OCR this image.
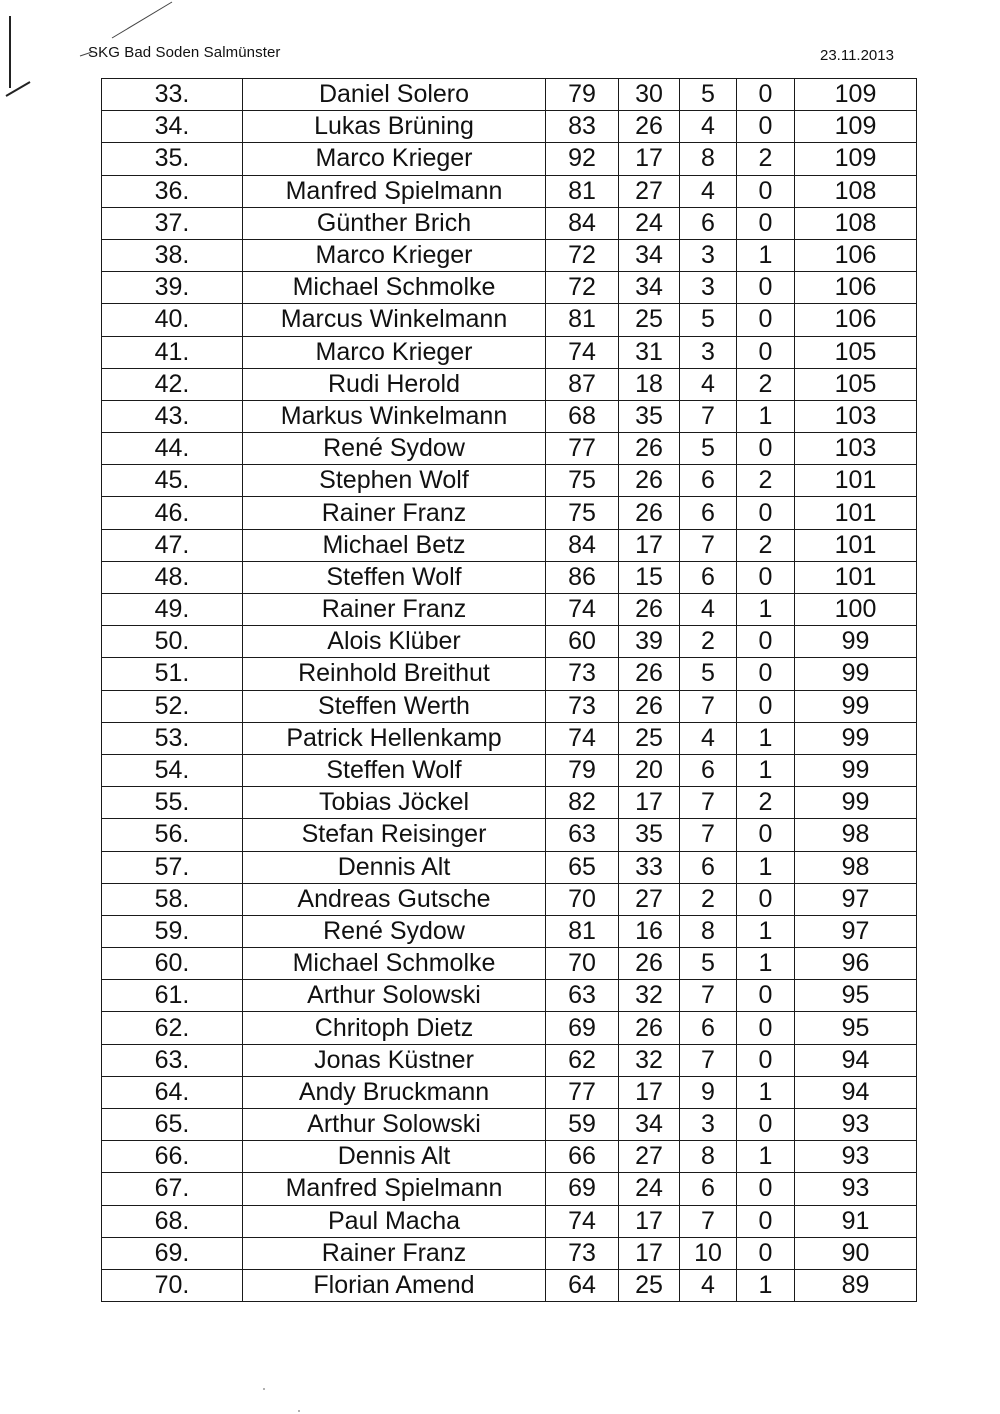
SKG Bad Soden Salmünster	23.11.2013
33.	Daniel Solero	79	30	5	0	109
34.	Lukas Brüning	83	26	4	0	109
35.	Marco Krieger	92	17	8	2	109
36.	Manfred Spielmann	81	27	4	0	108
37.	Günther Brich	84	24	6	0	108
38.	Marco Krieger	72	34	3	1	106
39.	Michael Schmolke	72	34	3	0	106
40.	Marcus Winkelmann	81	25	5	0	106
41.	Marco Krieger	74	31	3	0	105
42.	Rudi Herold	87	18	4	2	105
43.	Markus Winkelmann	68	35	7	1	103
44.	René Sydow	77	26	5	0	103
45.	Stephen Wolf	75	26	6	2	101
46.	Rainer Franz	75	26	6	0	101
47.	Michael Betz	84	17	7	2	101
48.	Steffen Wolf	86	15	6	0	101
49.	Rainer Franz	74	26	4	1	100
50.	Alois Klüber	60	39	2	0	99
51.	Reinhold Breithut	73	26	5	0	99
52.	Steffen Werth	73	26	7	0	99
53.	Patrick Hellenkamp	74	25	4	1	99
54.	Steffen Wolf	79	20	6	1	99
55.	Tobias Jöckel	82	17	7	2	99
56.	Stefan Reisinger	63	35	7	0	98
57.	Dennis Alt	65	33	6	1	98
58.	Andreas Gutsche	70	27	2	0	97
59.	René Sydow	81	16	8	1	97
60.	Michael Schmolke	70	26	5	1	96
61.	Arthur Solowski	63	32	7	0	95
62.	Chritoph Dietz	69	26	6	0	95
63.	Jonas Küstner	62	32	7	0	94
64.	Andy Bruckmann	77	17	9	1	94
65.	Arthur Solowski	59	34	3	0	93
66.	Dennis Alt	66	27	8	1	93
67.	Manfred Spielmann	69	24	6	0	93
68.	Paul Macha	74	17	7	0	91
69.	Rainer Franz	73	17	10	0	90
70.	Florian Amend	64	25	4	1	89
